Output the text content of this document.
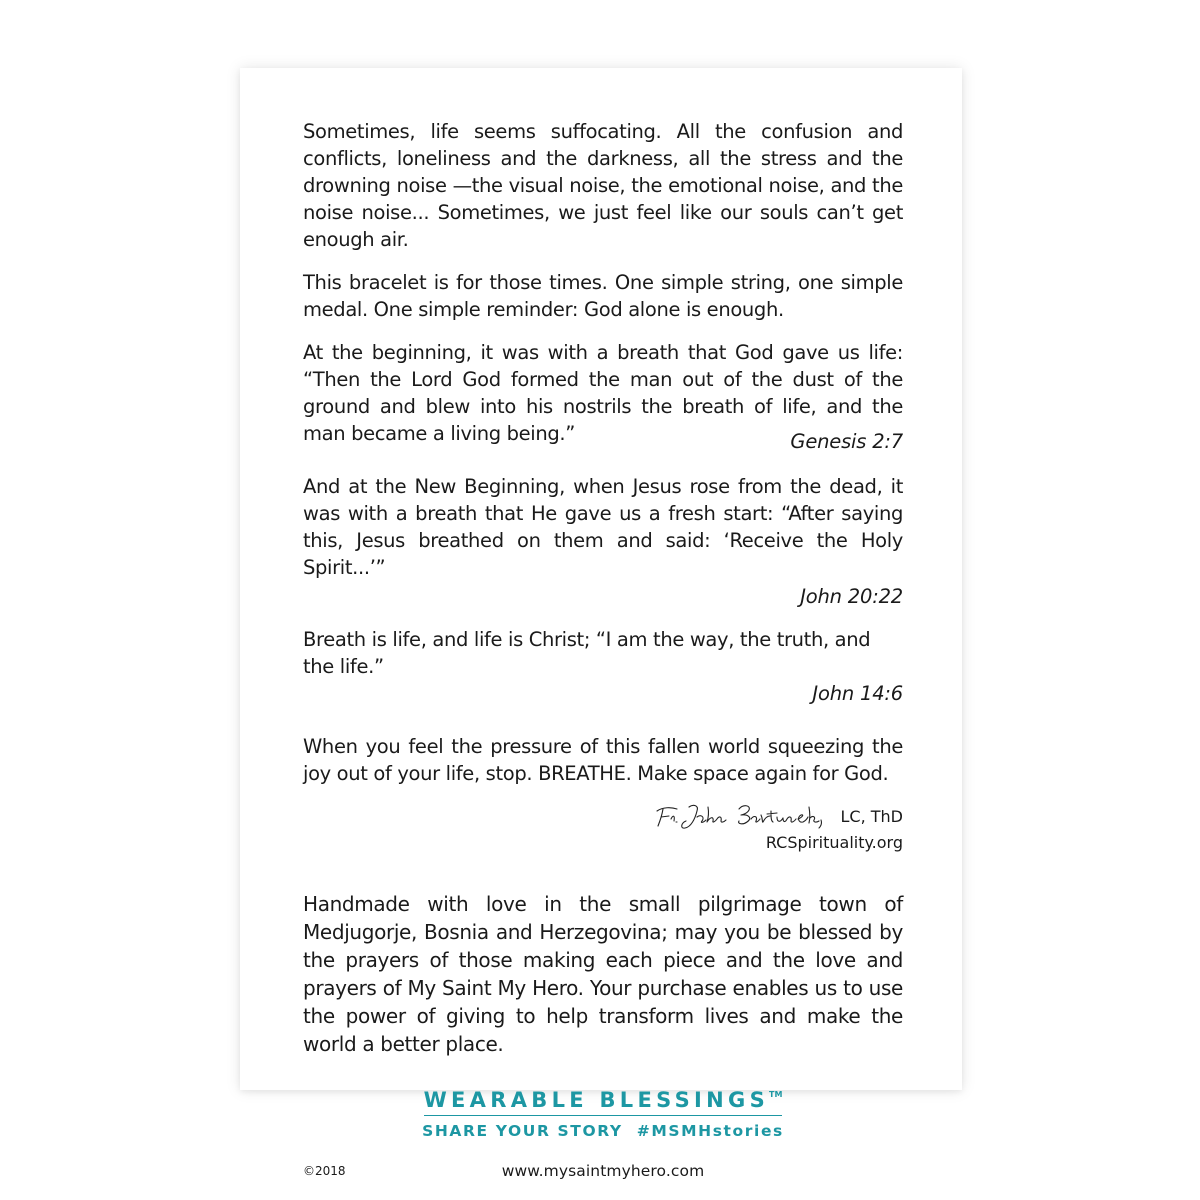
Sometimes, life seems suffocating. All the confusion and conflicts, loneliness and the darkness, all the stress and the drowning noise —the visual noise, the emotional noise, and the noise noise... Sometimes, we just feel like our souls can’t get enough air.

This bracelet is for those times. One simple string, one simple medal. One simple reminder: God alone is enough.

At the beginning, it was with a breath that God gave us life: “Then the Lord God formed the man out of the dust of the ground and blew into his nostrils the breath of life, and the man became a living being.”	Genesis 2:7

And at the New Beginning, when Jesus rose from the dead, it was with a breath that He gave us a fresh start: “After saying this, Jesus breathed on them and said: ‘Receive the Holy Spirit...’”

John 20:22

Breath is life, and life is Christ; “I am the way, the truth, and the life.”

John 14:6

When you feel the pressure of this fallen world squeezing the joy out of your life, stop. BREATHE. Make space again for God.

LC, ThD
RCSpirituality.org

Handmade with love in the small pilgrimage town of Medjugorje, Bosnia and Herzegovina; may you be blessed by the prayers of those making each piece and the love and prayers of My Saint My Hero. Your purchase enables us to use the power of giving to help transform lives and make the world a better place.

WEARABLE BLESSINGS™
SHARE YOUR STORY  #MSMHstories
www.mysaintmyhero.com
©2018
